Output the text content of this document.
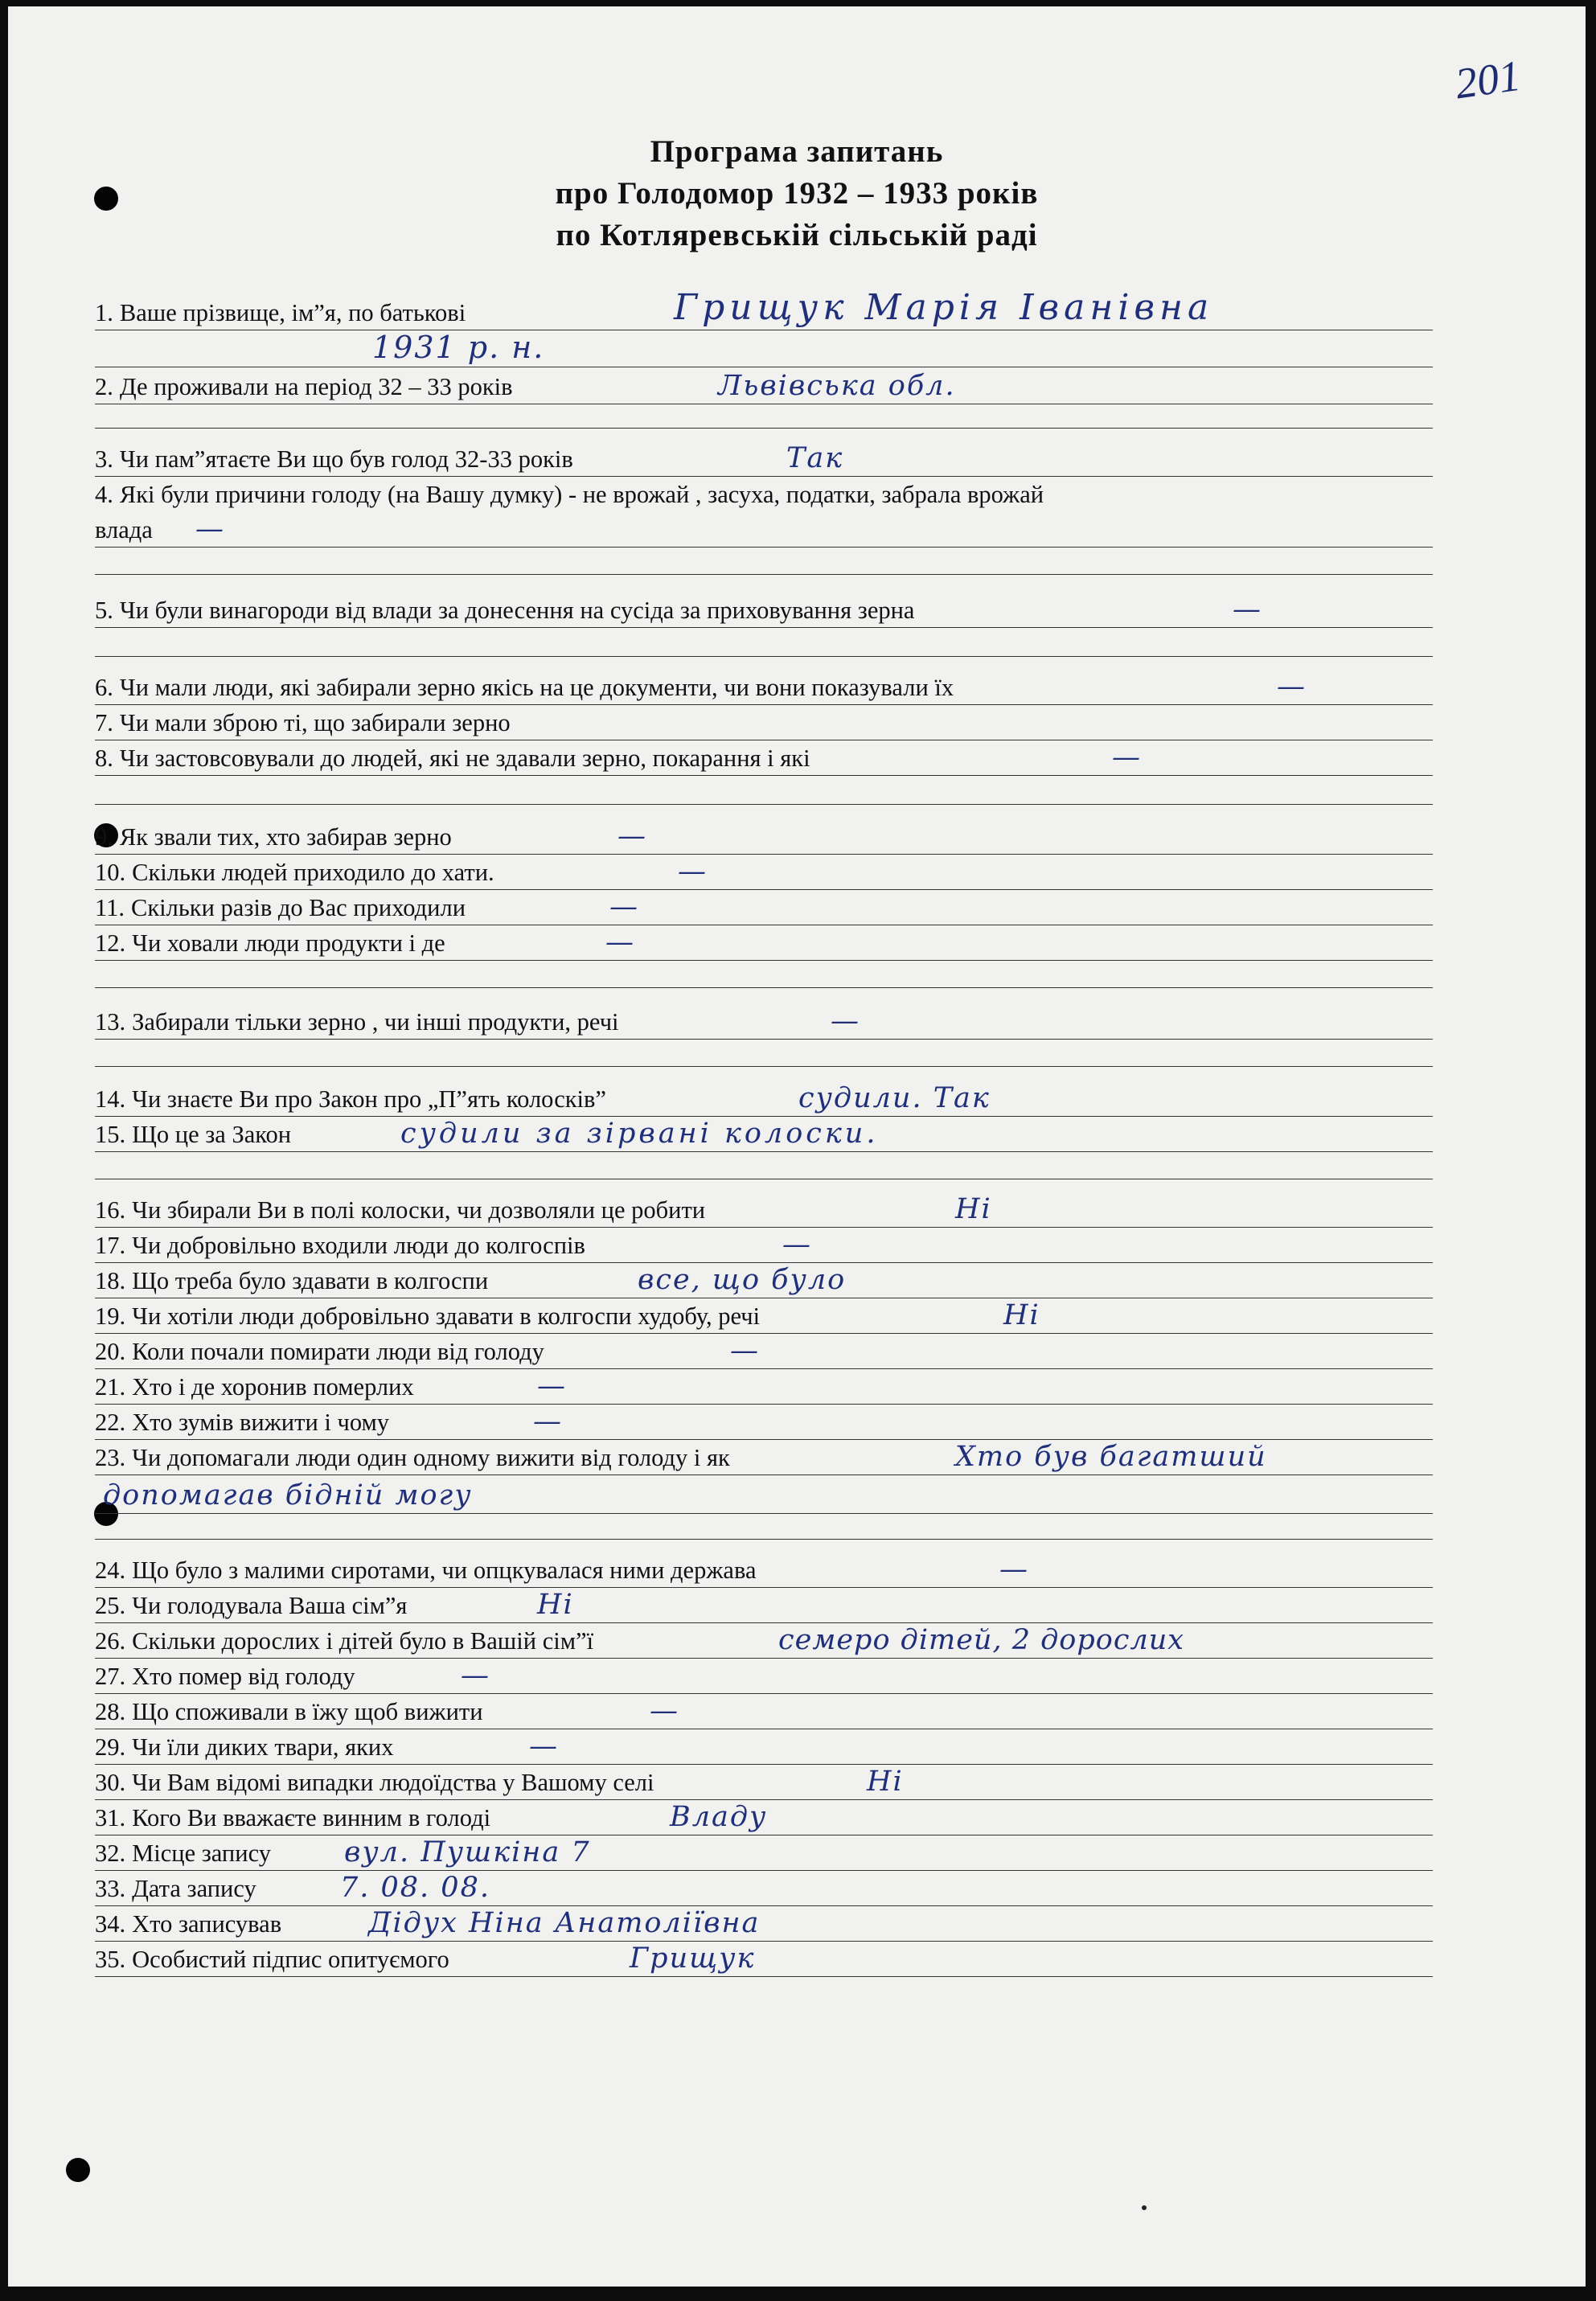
201
Програма запитань
про Голодомор 1932 – 1933 років
по Котляревській сільській раді
1. Ваше прізвище, ім”я, по батькові	Грищук Марія Іванівна
1931 р. н.
2. Де проживали на період 32 – 33 років	Львівська обл.
3. Чи пам”ятаєте Ви що був голод 32-33 років	Так
4. Які були причини голоду (на Вашу думку) - не врожай , засуха, податки, забрала врожай
влада —
5. Чи були винагороди від влади за донесення на сусіда за приховування зерна	—
6. Чи мали люди, які забирали зерно якісь на це документи, чи вони показували їх	—
7. Чи мали зброю ті, що забирали зерно
8. Чи застовсовували до людей, які не здавали зерно, покарання і які	—
9. Як звали тих, хто забирав зерно	—
10. Скільки людей приходило до хати.	—
11. Скільки разів до Вас приходили	—
12. Чи ховали люди продукти і де	—
13. Забирали тільки зерно , чи інші продукти, речі	—
14. Чи знаєте Ви про Закон про „П”ять колосків”	судили. Так
15. Що це за Закон	судили за зірвані колоски.
16. Чи збирали Ви в полі колоски, чи дозволяли це робити	Ні
17. Чи добровільно входили люди до колгоспів	—
18. Що треба було здавати в колгоспи	все, що було
19. Чи хотіли люди добровільно здавати в колгоспи худобу, речі	Ні
20. Коли почали помирати люди від голоду	—
21. Хто і де хоронив померлих	—
22. Хто зумів вижити і чому	—
23. Чи допомагали люди один одному вижити від голоду і як	Хто був багатший
допомагав бідній могу
24. Що було з малими сиротами, чи опцкувалася ними держава	—
25. Чи голодувала Ваша сім”я	Ні
26. Скільки дорослих і дітей було в Вашій сім”ї	семеро дітей, 2 дорослих
27. Хто помер від голоду	—
28. Що споживали в їжу щоб вижити	—
29. Чи їли диких твари, яких	—
30. Чи Вам відомі випадки людоїдства у Вашому селі	Ні
31. Кого Ви вважаєте винним в голоді	Владу
32. Місце запису	вул. Пушкіна 7
33. Дата запису	7. 08. 08.
34. Хто записував	Дідух Ніна Анатоліївна
35. Особистий підпис опитуємого	Грищук
